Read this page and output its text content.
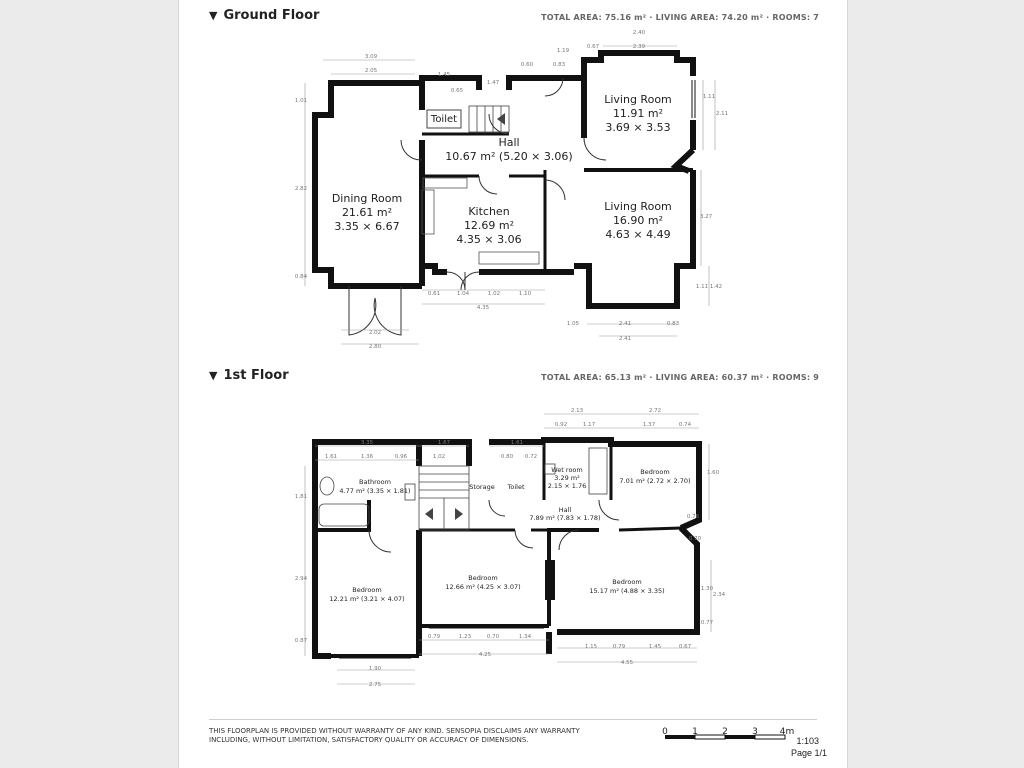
▼ Ground Floor	TOTAL AREA: 75.16 m² · LIVING AREA: 74.20 m² · ROOMS: 7
Dining Room
21.61 m²
3.35 × 6.67
Hall
10.67 m² (5.20 × 3.06)
Kitchen
12.69 m²
4.35 × 3.06
Living Room
11.91 m²
3.69 × 3.53
Living Room
16.90 m²
4.63 × 4.49
Toilet
3.09
2.05
1.45
0.65
1.47
0.60	0.83
1.19
0.67
2.40
2.39
1.01
2.82
0.84
1.11
2.11
3.27
1.11 1.42
0.61	1.04	1.02	1.10
4.35
1.05	2.41	0.83
2.41
2.02
2.80
▼ 1st Floor	TOTAL AREA: 65.13 m² · LIVING AREA: 60.37 m² · ROOMS: 9
Bathroom
4.77 m² (3.35 × 1.81)
Bedroom
12.21 m² (3.21 × 4.07)
Bedroom
12.66 m² (4.25 × 3.07)
Bedroom
15.17 m² (4.88 × 3.35)
Bedroom
7.01 m² (2.72 × 2.70)
Wet room
3.29 m²
2.15 × 1.76
Hall
7.89 m² (7.83 × 1.78)
Storage Toilet
3.35
1.61	1.36	0.96
1.67
1.02
1.61
0.80 0.72
2.13
0.92	1.17
2.72
1.37	0.74
1.81
2.94
0.87
1.60
0.76
0.70
1.30
2.34
0.77
0.79	1.23	0.70	1.34
4.25
1.15	0.79	1.45	0.67
4.55
1.90
2.75
THIS FLOORPLAN IS PROVIDED WITHOUT WARRANTY OF ANY KIND. SENSOPIA DISCLAIMS ANY WARRANTY INCLUDING, WITHOUT LIMITATION, SATISFACTORY QUALITY OR ACCURACY OF DIMENSIONS.
0	1	2	3 4m
1:103
Page 1/1
